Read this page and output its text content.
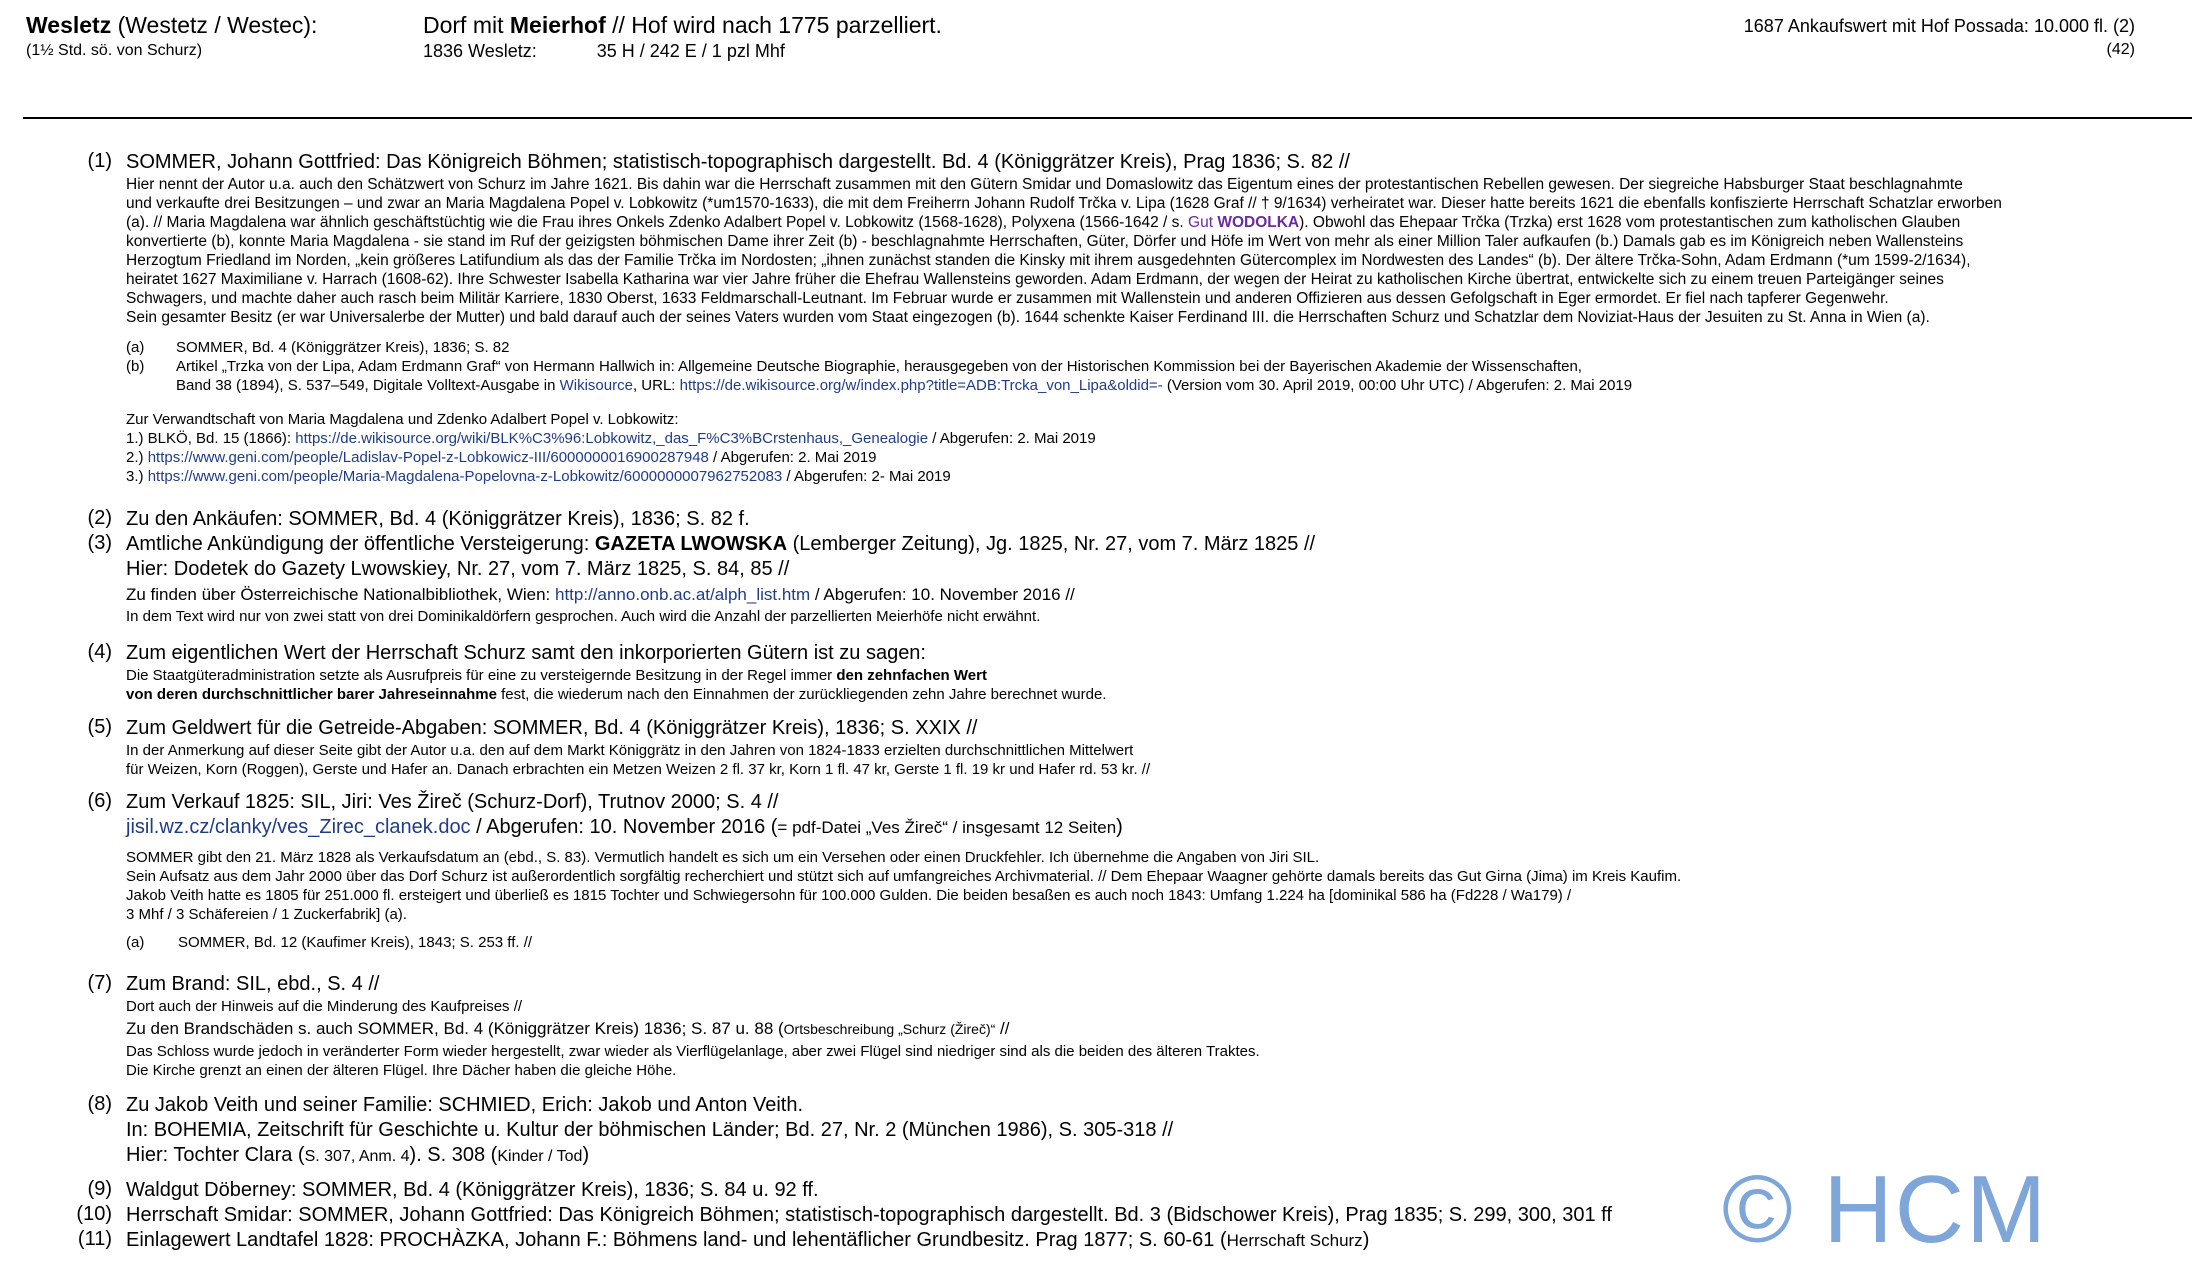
Wesletz (Westetz / Westec):
(1½ Std. sö. von Schurz)
Dorf mit Meierhof // Hof wird nach 1775 parzelliert.
1836 Wesletz:	35 H / 242 E / 1 pzl Mhf
1687 Ankaufswert mit Hof Possada: 10.000 fl. (2)
(42)
(1) SOMMER, Johann Gottfried: Das Königreich Böhmen; statistisch-topographisch dargestellt. Bd. 4 (Königgrätzer Kreis), Prag 1836; S. 82 //
Hier nennt der Autor u.a. auch den Schätzwert von Schurz im Jahre 1621. Bis dahin war die Herrschaft zusammen mit den Gütern Smidar und Domaslowitz das Eigentum eines der protestantischen Rebellen gewesen. Der siegreiche Habsburger Staat beschlagnahmte
und verkaufte drei Besitzungen – und zwar an Maria Magdalena Popel v. Lobkowitz (*um1570-1633), die mit dem Freiherrn Johann Rudolf Trčka v. Lipa (1628 Graf // † 9/1634) verheiratet war. Dieser hatte bereits 1621 die ebenfalls konfiszierte Herrschaft Schatzlar erworben
(a). // Maria Magdalena war ähnlich geschäftstüchtig wie die Frau ihres Onkels Zdenko Adalbert Popel v. Lobkowitz (1568-1628), Polyxena (1566-1642 / s. Gut WODOLKA). Obwohl das Ehepaar Trčka (Trzka) erst 1628 vom protestantischen zum katholischen Glauben
konvertierte (b), konnte Maria Magdalena - sie stand im Ruf der geizigsten böhmischen Dame ihrer Zeit (b) - beschlagnahmte Herrschaften, Güter, Dörfer und Höfe im Wert von mehr als einer Million Taler aufkaufen (b.) Damals gab es im Königreich neben Wallensteins
Herzogtum Friedland im Norden, „kein größeres Latifundium als das der Familie Trčka im Nordosten; „ihnen zunächst standen die Kinsky mit ihrem ausgedehnten Gütercomplex im Nordwesten des Landes“ (b). Der ältere Trčka-Sohn, Adam Erdmann (*um 1599-2/1634),
heiratet 1627 Maximiliane v. Harrach (1608-62). Ihre Schwester Isabella Katharina war vier Jahre früher die Ehefrau Wallensteins geworden. Adam Erdmann, der wegen der Heirat zu katholischen Kirche übertrat, entwickelte sich zu einem treuen Parteigänger seines
Schwagers, und machte daher auch rasch beim Militär Karriere, 1830 Oberst, 1633 Feldmarschall-Leutnant. Im Februar wurde er zusammen mit Wallenstein und anderen Offizieren aus dessen Gefolgschaft in Eger ermordet. Er fiel nach tapferer Gegenwehr.
Sein gesamter Besitz (er war Universalerbe der Mutter) und bald darauf auch der seines Vaters wurden vom Staat eingezogen (b). 1644 schenkte Kaiser Ferdinand III. die Herrschaften Schurz und Schatzlar dem Noviziat-Haus der Jesuiten zu St. Anna in Wien (a).
(a) SOMMER, Bd. 4 (Königgrätzer Kreis), 1836; S. 82
(b) Artikel „Trzka von der Lipa, Adam Erdmann Graf“ von Hermann Hallwich in: Allgemeine Deutsche Biographie, herausgegeben von der Historischen Kommission bei der Bayerischen Akademie der Wissenschaften,
Band 38 (1894), S. 537–549, Digitale Volltext-Ausgabe in Wikisource, URL: https://de.wikisource.org/w/index.php?title=ADB:Trcka_von_Lipa&oldid=- (Version vom 30. April 2019, 00:00 Uhr UTC) / Abgerufen: 2. Mai 2019
Zur Verwandtschaft von Maria Magdalena und Zdenko Adalbert Popel v. Lobkowitz:
1.) BLKÖ, Bd. 15 (1866): https://de.wikisource.org/wiki/BLK%C3%96:Lobkowitz,_das_F%C3%BCrstenhaus,_Genealogie / Abgerufen: 2. Mai 2019
2.) https://www.geni.com/people/Ladislav-Popel-z-Lobkowicz-III/6000000016900287948 / Abgerufen: 2. Mai 2019
3.) https://www.geni.com/people/Maria-Magdalena-Popelovna-z-Lobkowitz/6000000007962752083 / Abgerufen: 2- Mai 2019
(2) Zu den Ankäufen: SOMMER, Bd. 4 (Königgrätzer Kreis), 1836; S. 82 f.
(3) Amtliche Ankündigung der öffentliche Versteigerung: GAZETA LWOWSKA (Lemberger Zeitung), Jg. 1825, Nr. 27, vom 7. März 1825 //
Hier: Dodetek do Gazety Lwowskiey, Nr. 27, vom 7. März 1825, S. 84, 85 //
Zu finden über Österreichische Nationalbibliothek, Wien: http://anno.onb.ac.at/alph_list.htm / Abgerufen: 10. November 2016 //
In dem Text wird nur von zwei statt von drei Dominikaldörfern gesprochen. Auch wird die Anzahl der parzellierten Meierhöfe nicht erwähnt.
(4) Zum eigentlichen Wert der Herrschaft Schurz samt den inkorporierten Gütern ist zu sagen:
Die Staatgüteradministration setzte als Ausrufpreis für eine zu versteigernde Besitzung in der Regel immer den zehnfachen Wert
von deren durchschnittlicher barer Jahreseinnahme fest, die wiederum nach den Einnahmen der zurückliegenden zehn Jahre berechnet wurde.
(5) Zum Geldwert für die Getreide-Abgaben: SOMMER, Bd. 4 (Königgrätzer Kreis), 1836; S. XXIX //
In der Anmerkung auf dieser Seite gibt der Autor u.a. den auf dem Markt Königgrätz in den Jahren von 1824-1833 erzielten durchschnittlichen Mittelwert
für Weizen, Korn (Roggen), Gerste und Hafer an. Danach erbrachten ein Metzen Weizen 2 fl. 37 kr, Korn 1 fl. 47 kr, Gerste 1 fl. 19 kr und Hafer rd. 53 kr. //
(6) Zum Verkauf 1825: SIL, Jiri: Ves Žireč (Schurz-Dorf), Trutnov 2000; S. 4 //
jisil.wz.cz/clanky/ves_Zirec_clanek.doc / Abgerufen: 10. November 2016 (= pdf-Datei „Ves Žireč“ / insgesamt 12 Seiten)
SOMMER gibt den 21. März 1828 als Verkaufsdatum an (ebd., S. 83). Vermutlich handelt es sich um ein Versehen oder einen Druckfehler. Ich übernehme die Angaben von Jiri SIL.
Sein Aufsatz aus dem Jahr 2000 über das Dorf Schurz ist außerordentlich sorgfältig recherchiert und stützt sich auf umfangreiches Archivmaterial. // Dem Ehepaar Waagner gehörte damals bereits das Gut Girna (Jima) im Kreis Kaufim.
Jakob Veith hatte es 1805 für 251.000 fl. ersteigert und überließ es 1815 Tochter und Schwiegersohn für 100.000 Gulden. Die beiden besaßen es auch noch 1843: Umfang 1.224 ha [dominikal 586 ha (Fd228 / Wa179) /
3 Mhf / 3 Schäfereien / 1 Zuckerfabrik] (a).
(a) SOMMER, Bd. 12 (Kaufimer Kreis), 1843; S. 253 ff. //
(7) Zum Brand: SIL, ebd., S. 4 //
Dort auch der Hinweis auf die Minderung des Kaufpreises //
Zu den Brandschäden s. auch SOMMER, Bd. 4 (Königgrätzer Kreis) 1836; S. 87 u. 88 (Ortsbeschreibung „Schurz (Žireč)“ //
Das Schloss wurde jedoch in veränderter Form wieder hergestellt, zwar wieder als Vierflügelanlage, aber zwei Flügel sind niedriger sind als die beiden des älteren Traktes.
Die Kirche grenzt an einen der älteren Flügel. Ihre Dächer haben die gleiche Höhe.
(8) Zu Jakob Veith und seiner Familie: SCHMIED, Erich: Jakob und Anton Veith.
In: BOHEMIA, Zeitschrift für Geschichte u. Kultur der böhmischen Länder; Bd. 27, Nr. 2 (München 1986), S. 305-318 //
Hier: Tochter Clara (S. 307, Anm. 4). S. 308 (Kinder / Tod)
(9) Waldgut Döberney: SOMMER, Bd. 4 (Königgrätzer Kreis), 1836; S. 84 u. 92 ff.
(10) Herrschaft Smidar: SOMMER, Johann Gottfried: Das Königreich Böhmen; statistisch-topographisch dargestellt. Bd. 3 (Bidschower Kreis), Prag 1835; S. 299, 300, 301 ff
(11) Einlagewert Landtafel 1828: PROCHÀZKA, Johann F.: Böhmens land- und lehentäflicher Grundbesitz. Prag 1877; S. 60-61 (Herrschaft Schurz)	© HCM
